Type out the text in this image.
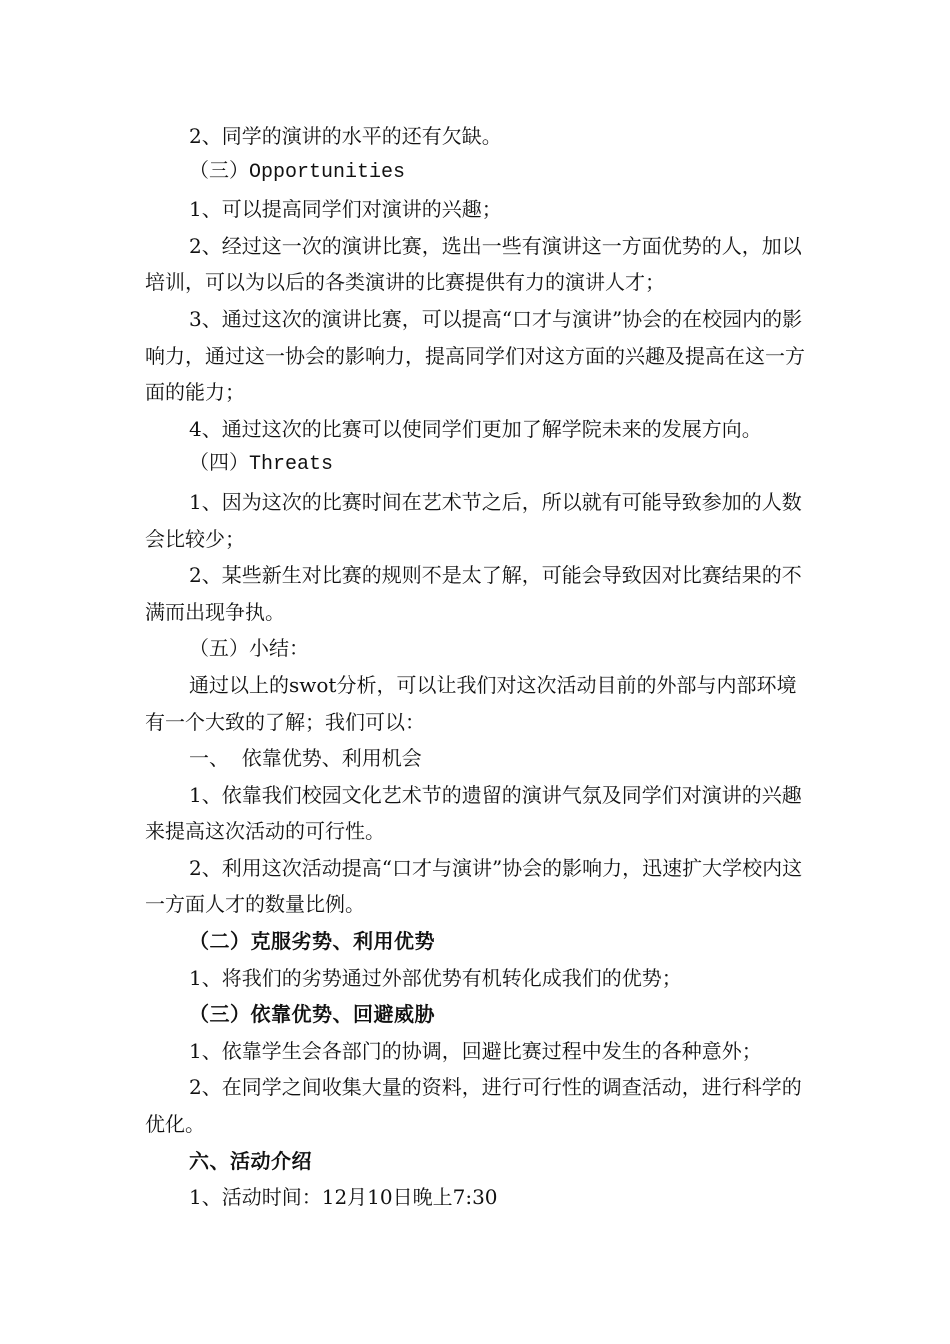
2、同学的演讲的水平的还有欠缺。

（三）Opportunities

1、可以提高同学们对演讲的兴趣；

2、经过这一次的演讲比赛，选出一些有演讲这一方面优势的人，加以培训，可以为以后的各类演讲的比赛提供有力的演讲人才；

3、通过这次的演讲比赛，可以提高“口才与演讲”协会的在校园内的影响力，通过这一协会的影响力，提高同学们对这方面的兴趣及提高在这一方面的能力；

4、通过这次的比赛可以使同学们更加了解学院未来的发展方向。

（四）Threats

1、因为这次的比赛时间在艺术节之后，所以就有可能导致参加的人数会比较少；

2、某些新生对比赛的规则不是太了解，可能会导致因对比赛结果的不满而出现争执。

（五）小结：

通过以上的swot分析，可以让我们对这次活动目前的外部与内部环境有一个大致的了解；我们可以：

一、  依靠优势、利用机会

1、依靠我们校园文化艺术节的遗留的演讲气氛及同学们对演讲的兴趣来提高这次活动的可行性。

2、利用这次活动提高“口才与演讲”协会的影响力，迅速扩大学校内这一方面人才的数量比例。

（二）克服劣势、利用优势

1、将我们的劣势通过外部优势有机转化成我们的优势；

（三）依靠优势、回避威胁

1、依靠学生会各部门的协调，回避比赛过程中发生的各种意外；

2、在同学之间收集大量的资料，进行可行性的调查活动，进行科学的优化。

六、活动介绍

1、活动时间：12月10日晚上7:30
